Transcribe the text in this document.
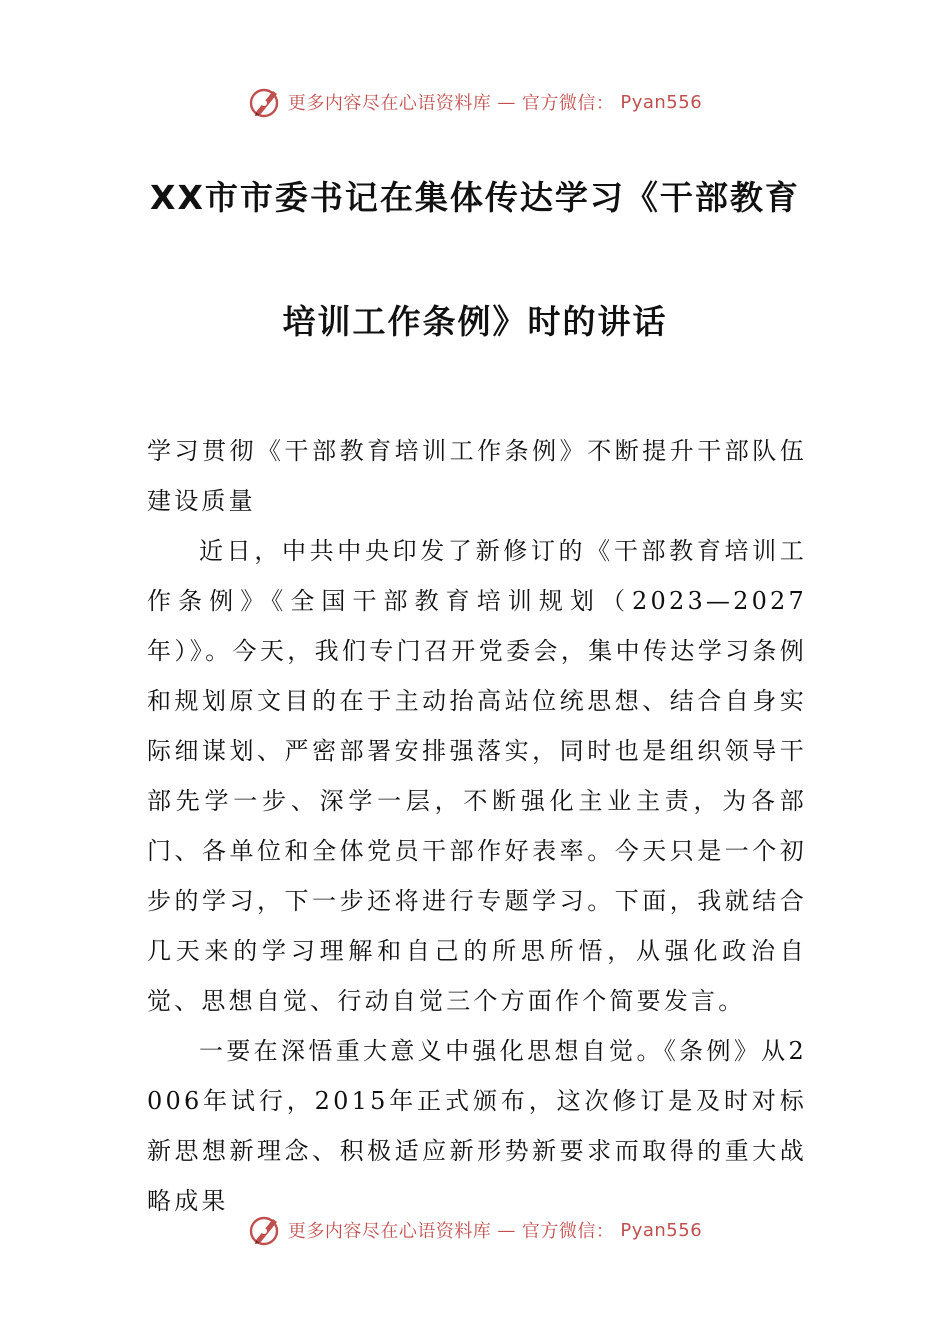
更多内容尽在心语资料库 — 官方微信： Pyan556
XX市市委书记在集体传达学习《干部教育
培训工作条例》时的讲话

学习贯彻《干部教育培训工作条例》不断提升干部队伍建设质量

近日，中共中央印发了新修订的《干部教育培训工作条例》《全国干部教育培训规划（2023—2027年）》。今天，我们专门召开党委会，集中传达学习条例和规划原文目的在于主动抬高站位统思想、结合自身实际细谋划、严密部署安排强落实，同时也是组织领导干部先学一步、深学一层，不断强化主业主责，为各部门、各单位和全体党员干部作好表率。今天只是一个初步的学习，下一步还将进行专题学习。下面，我就结合几天来的学习理解和自己的所思所悟，从强化政治自觉、思想自觉、行动自觉三个方面作个简要发言。

一要在深悟重大意义中强化思想自觉。《条例》从2006年试行，2015年正式颁布，这次修订是及时对标新思想新理念、积极适应新形势新要求而取得的重大战略成果

更多内容尽在心语资料库 — 官方微信： Pyan556
